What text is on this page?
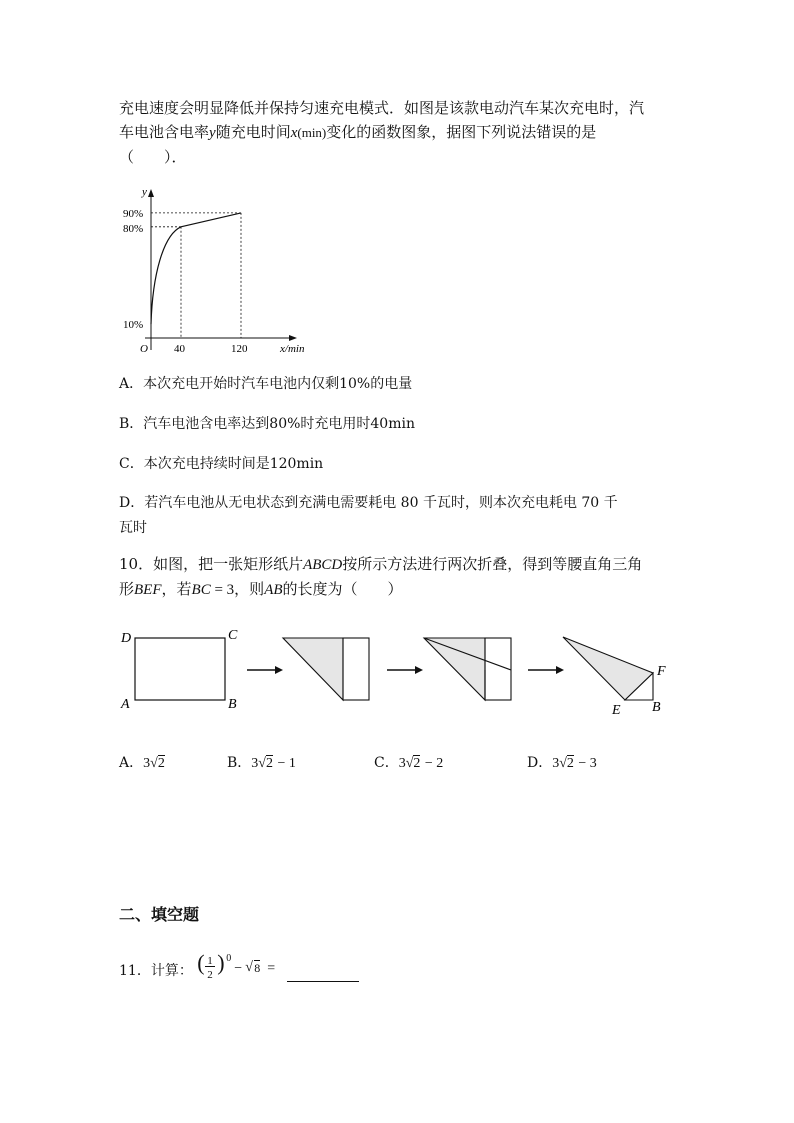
充电速度会明显降低并保持匀速充电模式．如图是该款电动汽车某次充电时，汽
车电池含电率y随充电时间x(min)变化的函数图象，据图下列说法错误的是
（　　）．
90%
80%
10%
40	120
O	x/min
y
A．本次充电开始时汽车电池内仅剩10%的电量
B．汽车电池含电率达到80%时充电用时40min
C．本次充电持续时间是120min
D．若汽车电池从无电状态到充满电需要耗电 80 千瓦时，则本次充电耗电 70 千
瓦时
10．如图，把一张矩形纸片ABCD按所示方法进行两次折叠，得到等腰直角三角
形BEF，若BC = 3，则AB的长度为（　　）
D	C
A	B
F
E B
A．3√2	B．3√2 − 1	C．3√2 − 2	D．3√2 − 3
二、填空题
11．计算： ( 1
2 ) 0
− √ 8 =
